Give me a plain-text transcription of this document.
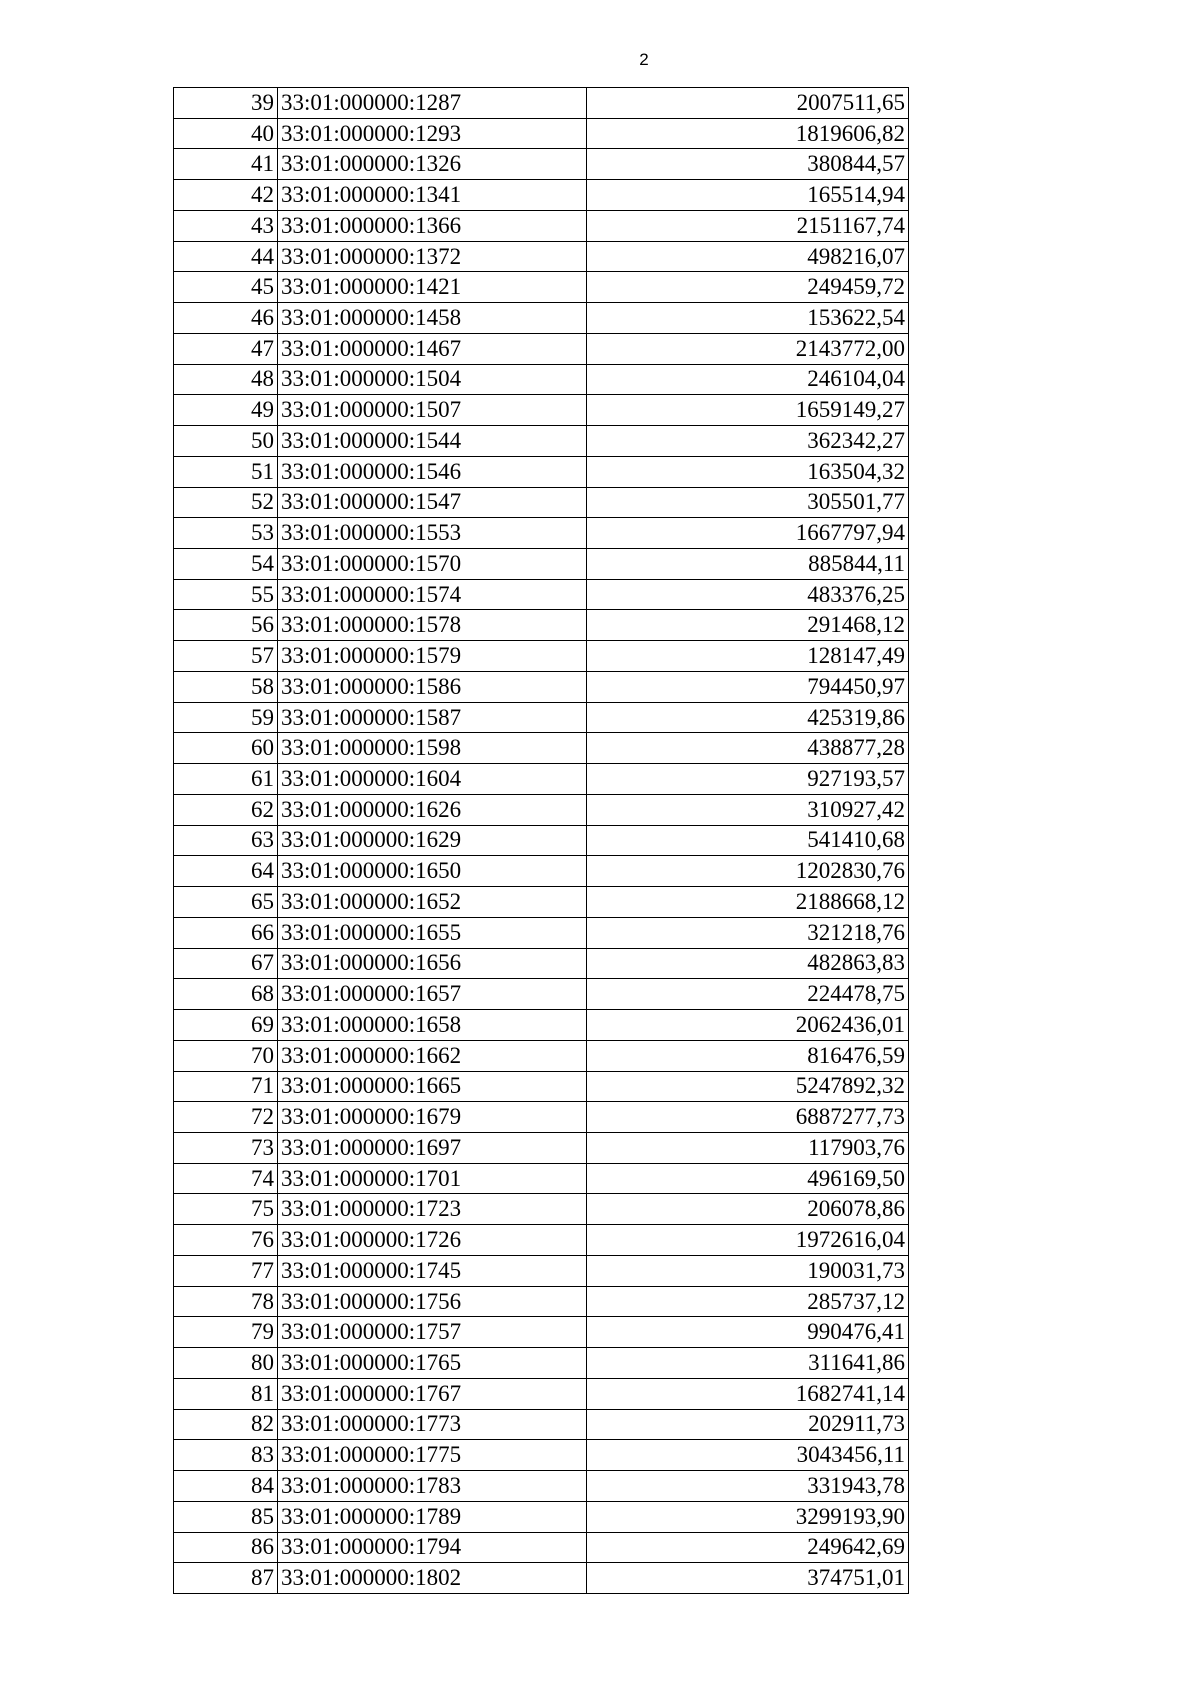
2
39	33:01:000000:1287	2007511,65
40	33:01:000000:1293	1819606,82
41	33:01:000000:1326	380844,57
42	33:01:000000:1341	165514,94
43	33:01:000000:1366	2151167,74
44	33:01:000000:1372	498216,07
45	33:01:000000:1421	249459,72
46	33:01:000000:1458	153622,54
47	33:01:000000:1467	2143772,00
48	33:01:000000:1504	246104,04
49	33:01:000000:1507	1659149,27
50	33:01:000000:1544	362342,27
51	33:01:000000:1546	163504,32
52	33:01:000000:1547	305501,77
53	33:01:000000:1553	1667797,94
54	33:01:000000:1570	885844,11
55	33:01:000000:1574	483376,25
56	33:01:000000:1578	291468,12
57	33:01:000000:1579	128147,49
58	33:01:000000:1586	794450,97
59	33:01:000000:1587	425319,86
60	33:01:000000:1598	438877,28
61	33:01:000000:1604	927193,57
62	33:01:000000:1626	310927,42
63	33:01:000000:1629	541410,68
64	33:01:000000:1650	1202830,76
65	33:01:000000:1652	2188668,12
66	33:01:000000:1655	321218,76
67	33:01:000000:1656	482863,83
68	33:01:000000:1657	224478,75
69	33:01:000000:1658	2062436,01
70	33:01:000000:1662	816476,59
71	33:01:000000:1665	5247892,32
72	33:01:000000:1679	6887277,73
73	33:01:000000:1697	117903,76
74	33:01:000000:1701	496169,50
75	33:01:000000:1723	206078,86
76	33:01:000000:1726	1972616,04
77	33:01:000000:1745	190031,73
78	33:01:000000:1756	285737,12
79	33:01:000000:1757	990476,41
80	33:01:000000:1765	311641,86
81	33:01:000000:1767	1682741,14
82	33:01:000000:1773	202911,73
83	33:01:000000:1775	3043456,11
84	33:01:000000:1783	331943,78
85	33:01:000000:1789	3299193,90
86	33:01:000000:1794	249642,69
87	33:01:000000:1802	374751,01
